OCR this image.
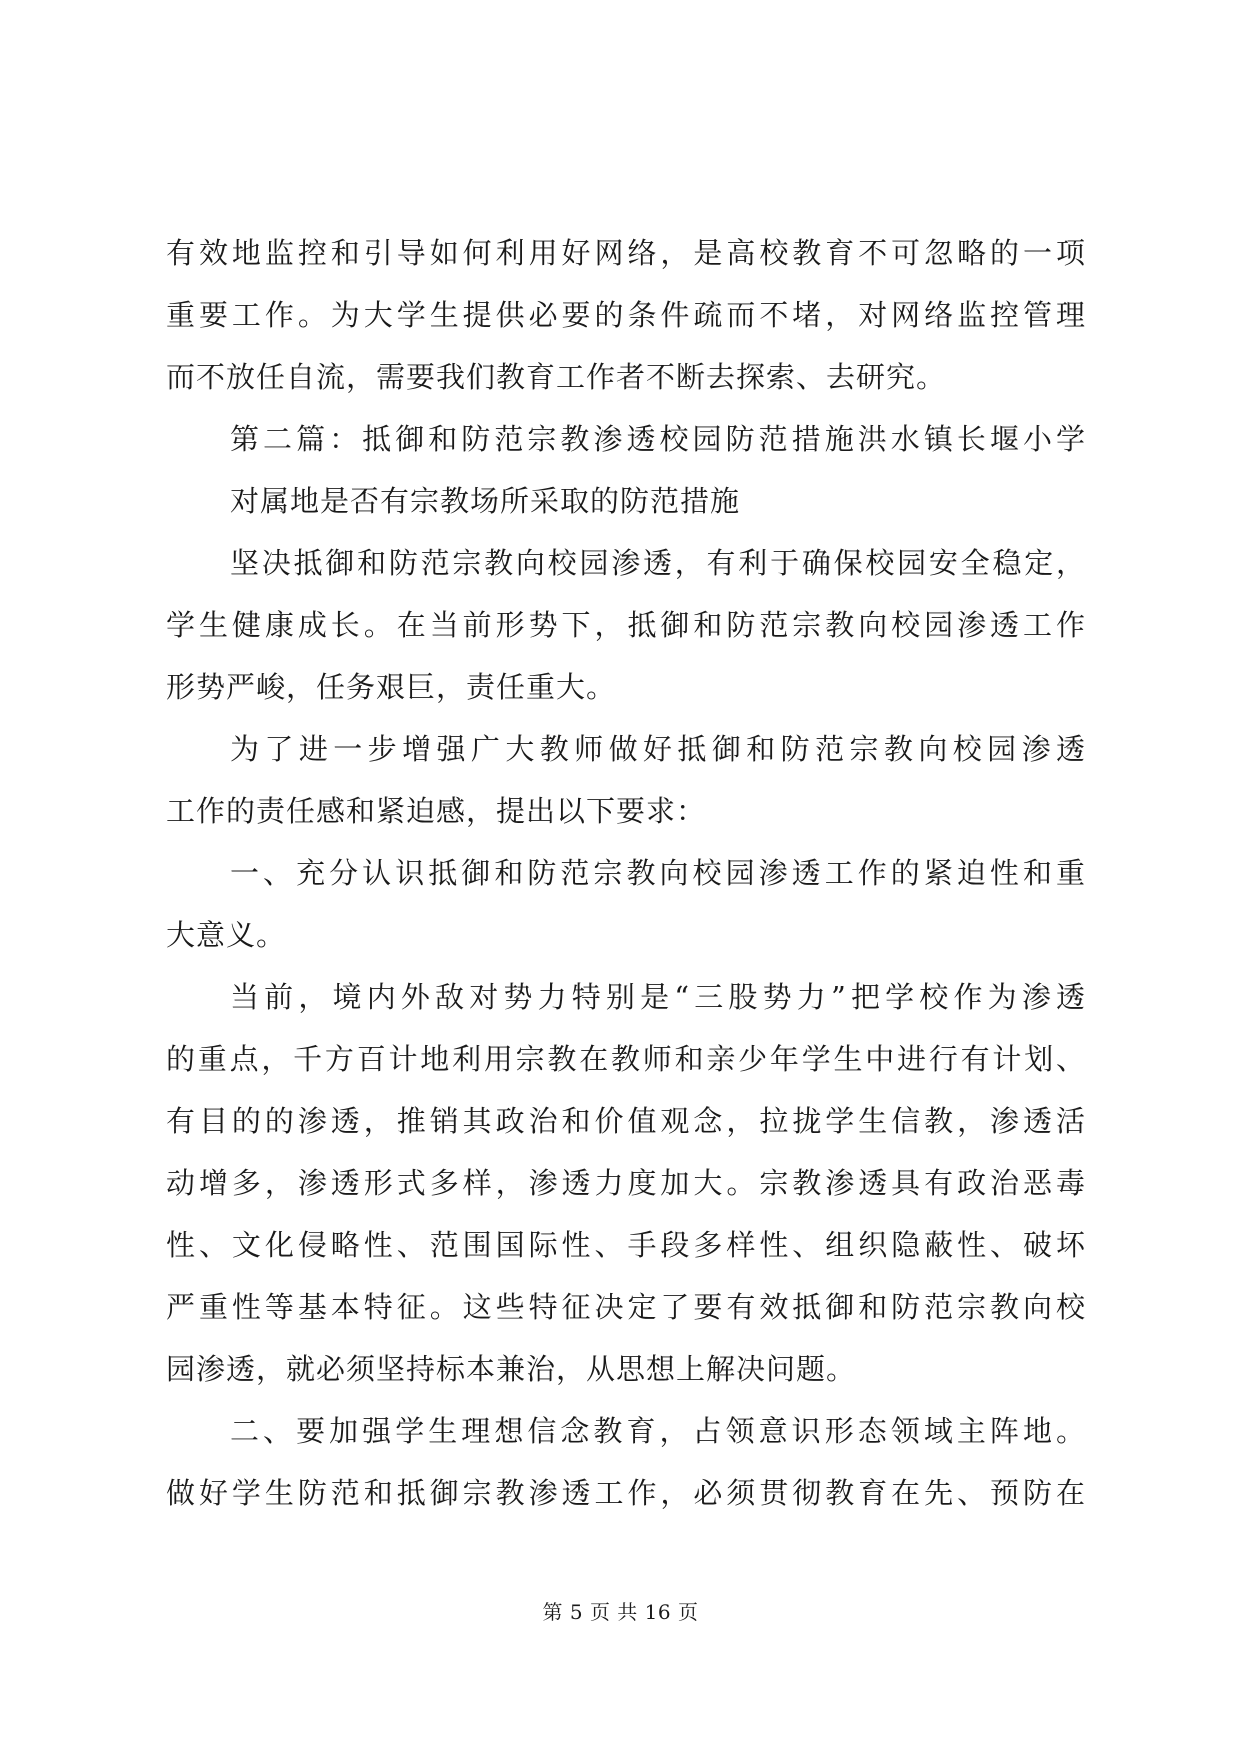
有效地监控和引导如何利用好网络，是高校教育不可忽略的一项
重要工作。为大学生提供必要的条件疏而不堵，对网络监控管理
而不放任自流，需要我们教育工作者不断去探索、去研究。
第二篇：抵御和防范宗教渗透校园防范措施洪水镇长堰小学
对属地是否有宗教场所采取的防范措施
坚决抵御和防范宗教向校园渗透，有利于确保校园安全稳定，
学生健康成长。在当前形势下，抵御和防范宗教向校园渗透工作
形势严峻，任务艰巨，责任重大。
为了进一步增强广大教师做好抵御和防范宗教向校园渗透
工作的责任感和紧迫感，提出以下要求：
一、充分认识抵御和防范宗教向校园渗透工作的紧迫性和重
大意义。
当前，境内外敌对势力特别是“三股势力”把学校作为渗透
的重点，千方百计地利用宗教在教师和亲少年学生中进行有计划、
有目的的渗透，推销其政治和价值观念，拉拢学生信教，渗透活
动增多，渗透形式多样，渗透力度加大。宗教渗透具有政治恶毒
性、文化侵略性、范围国际性、手段多样性、组织隐蔽性、破坏
严重性等基本特征。这些特征决定了要有效抵御和防范宗教向校
园渗透，就必须坚持标本兼治，从思想上解决问题。
二、要加强学生理想信念教育，占领意识形态领域主阵地。
做好学生防范和抵御宗教渗透工作，必须贯彻教育在先、预防在
第 5 页 共 16 页
